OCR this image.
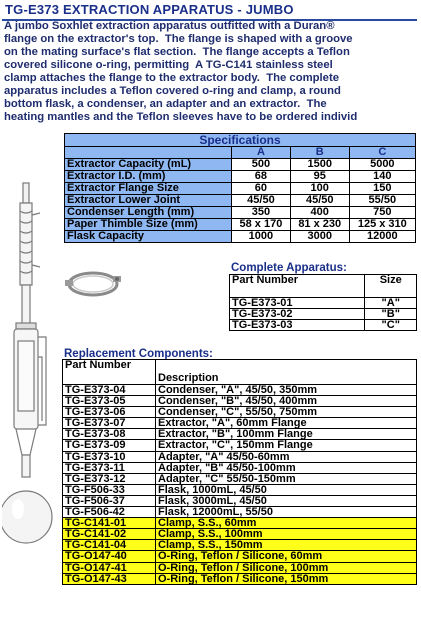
TG-E373 EXTRACTION APPARATUS - JUMBO
A jumbo Soxhlet extraction apparatus outfitted with a Duran®
flange on the extractor's top.  The flange is shaped with a groove
on the mating surface's flat section.  The flange accepts a Teflon
covered silicone o-ring, permitting  A TG-C141 stainless steel
clamp attaches the flange to the extractor body.  The complete
apparatus includes a Teflon covered o-ring and clamp, a round
bottom flask, a condenser, an adapter and an extractor.  The
heating mantles and the Teflon sleeves have to be ordered individ
Specifications			
	A	B	C
Extractor Capacity (mL)	500	1500	5000
Extractor I.D. (mm)	68	95	140
Extractor Flange Size	60	100	150
Extractor Lower Joint	45/50	45/50	55/50
Condenser Length (mm)	350	400	750
Paper Thimble Size (mm)	58 x 170	81 x 230	125 x 310
Flask Capacity	1000	3000	12000
Complete Apparatus:
Part Number	Size
TG-E373-01	"A"
TG-E373-02	"B"
TG-E373-03	"C"
Replacement Components:
Part Number	Description
TG-E373-04	Condenser, "A", 45/50, 350mm
TG-E373-05	Condenser, "B", 45/50, 400mm
TG-E373-06	Condenser, "C", 55/50, 750mm
TG-E373-07	Extractor, "A", 60mm Flange
TG-E373-08	Extractor, "B", 100mm Flange
TG-E373-09	Extractor, "C", 150mm Flange
TG-E373-10	Adapter, "A" 45/50-60mm
TG-E373-11	Adapter, "B" 45/50-100mm
TG-E373-12	Adapter, "C" 55/50-150mm
TG-F506-33	Flask, 1000mL, 45/50
TG-F506-37	Flask, 3000mL, 45/50
TG-F506-42	Flask, 12000mL, 55/50
TG-C141-01	Clamp, S.S., 60mm
TG-C141-02	Clamp, S.S., 100mm
TG-C141-04	Clamp, S.S., 150mm
TG-O147-40	O-Ring, Teflon / Silicone, 60mm
TG-O147-41	O-Ring, Teflon / Silicone, 100mm
TG-O147-43	O-Ring, Teflon / Silicone, 150mm
